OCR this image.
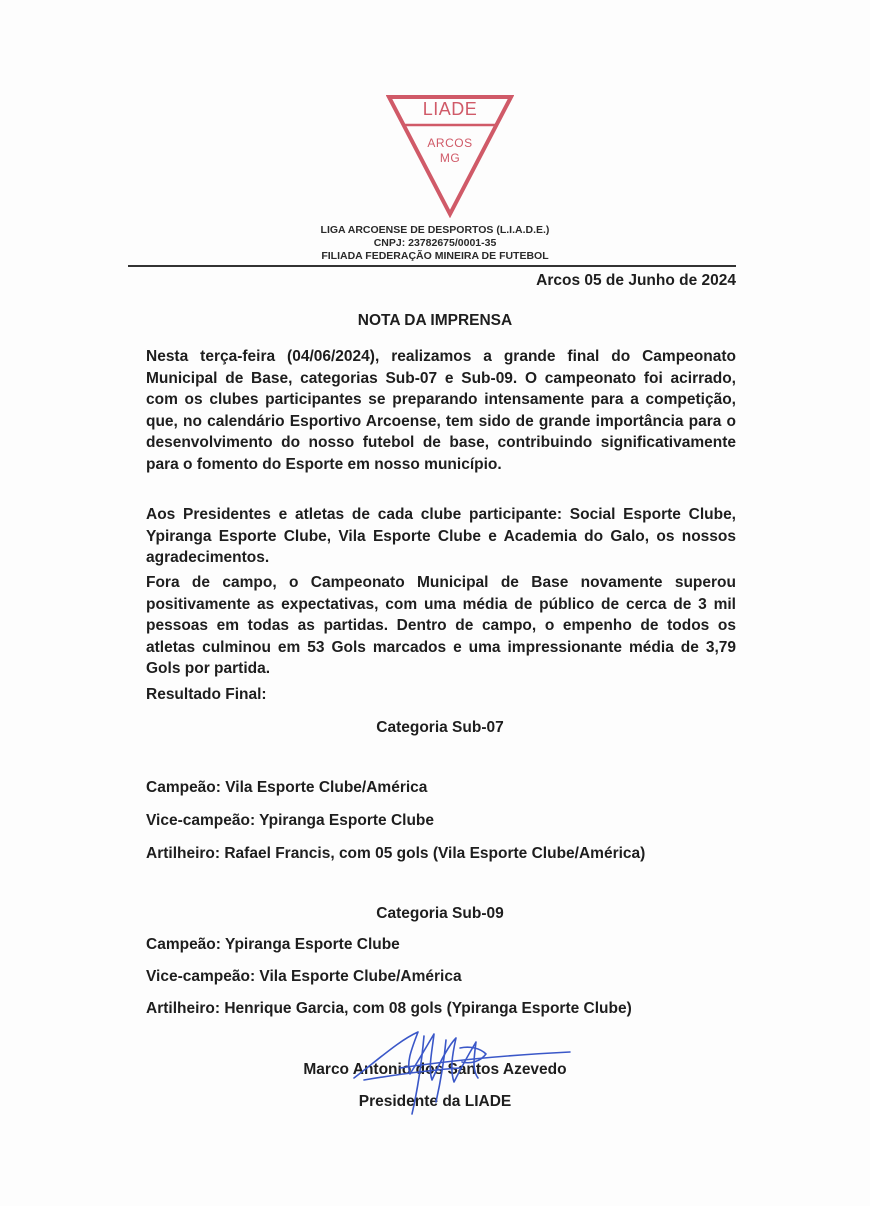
LIADE
ARCOS
MG
LIGA ARCOENSE DE DESPORTOS (L.I.A.D.E.)
CNPJ: 23782675/0001-35
FILIADA FEDERAÇÃO MINEIRA DE FUTEBOL
Arcos 05 de Junho de 2024
NOTA DA IMPRENSA

Nesta terça-feira (04/06/2024), realizamos a grande final do Campeonato Municipal de Base, categorias Sub-07 e Sub-09. O campeonato foi acirrado, com os clubes participantes se preparando intensamente para a competição, que, no calendário Esportivo Arcoense, tem sido de grande importância para o desenvolvimento do nosso futebol de base, contribuindo significativamente para o fomento do Esporte em nosso município.

Aos Presidentes e atletas de cada clube participante: Social Esporte Clube, Ypiranga Esporte Clube, Vila Esporte Clube e Academia do Galo, os nossos agradecimentos.

Fora de campo, o Campeonato Municipal de Base novamente superou positivamente as expectativas, com uma média de público de cerca de 3 mil pessoas em todas as partidas. Dentro de campo, o empenho de todos os atletas culminou em 53 Gols marcados e uma impressionante média de 3,79 Gols por partida.

Resultado Final:
Categoria Sub-07
Campeão: Vila Esporte Clube/América
Vice-campeão: Ypiranga Esporte Clube
Artilheiro: Rafael Francis, com 05 gols (Vila Esporte Clube/América)
Categoria Sub-09
Campeão: Ypiranga Esporte Clube
Vice-campeão: Vila Esporte Clube/América
Artilheiro: Henrique Garcia, com 08 gols (Ypiranga Esporte Clube)
Marco Antonio dos Santos Azevedo
Presidente da LIADE
